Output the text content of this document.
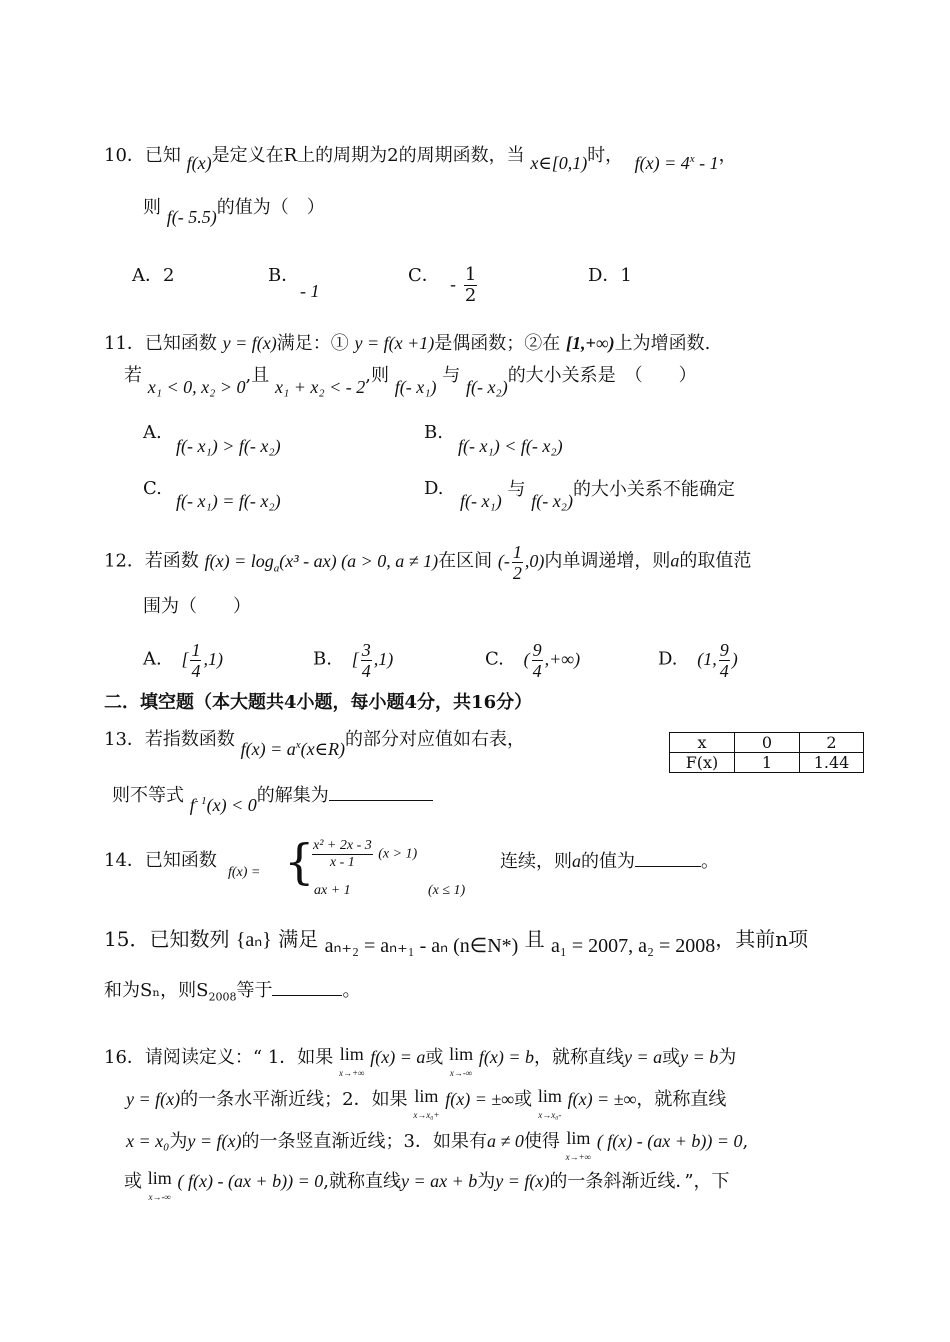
10．已知 f(x)是定义在R上的周期为2的周期函数，当 x∈[0,1)时， $f(x) = 4^x - 1$，
则 f(- 5.5)的值为（　）
A．2	B．
- 1
C． - $\frac{1}{2}$	D．1
11．已知函数 y = f(x)满足：① y = f(x +1)是偶函数；②在 [1,+∞)上为增函数.
若 x₁ < 0, x₂ > 0,且 x₁ + x₂ < - 2,则 f(- x₁) 与 f(- x₂)的大小关系是　（　　）
A.
f(- x₁) > f(- x₂)
B.
f(- x₁) < f(- x₂)
C.
f(- x₁) = f(- x₂)
D.
f(- x₁) 与 f(- x₂)的大小关系不能确定
12．若函数 $f(x) = \log_a(x^3 - ax) (a > 0$, a ≠ 1)在区间 (- $\frac{1}{2} ,0$)内单调递增，则a的取值范
围为（　　）
A. [ $\frac{1}{4} ,1$)	B. [ $\frac{3}{4} ,1$)	C. ( $\frac{9}{4}$ ,+∞)	D. (1, $\frac{9}{4}$ )
二．填空题（本大题共4小题，每小题4分，共16分）
13．若指数函数 $f(x) = a^x(x\in R)$的部分对应值如右表，
则不等式 $f^{- 1}(x) < 0$的解集为
x	0	2
F(x)	1	1.44
14．已知函数
f(x) = {
$\frac{\text{x² + 2x - 3}}{x - 1} (x > 1)$
ax + 1	(x ≤ 1)
连续，则a的值为	。
15．已知数列 {aₙ} 满足 aₙ₊₂ = aₙ₊₁ - aₙ (n∈N*) 且 a₁ = 2007, a₂ = 2008，其前n项
和为Sₙ，则$S_{2008}$等于	。
16．请阅读定义：“ 1．如果 lim
x→+∞ f(x) = a或 lim
x→-∞ f(x) = b，就称直线y = a或y = b为
y = f(x)的一条水平渐近线；2．如果 lim
x→x₀+ f(x) = ±∞或 lim
x→x₀- f(x) = ±∞，就称直线
x = x₀为y = f(x)的一条竖直渐近线；3．如果有a ≠ 0使得 lim
x→+∞ ( f(x) - (ax + b)) = 0,
或 lim
x→-∞ ( f(x) - (ax + b)) = 0,就称直线y = ax + b为y = f(x)的一条斜渐近线．”，下
